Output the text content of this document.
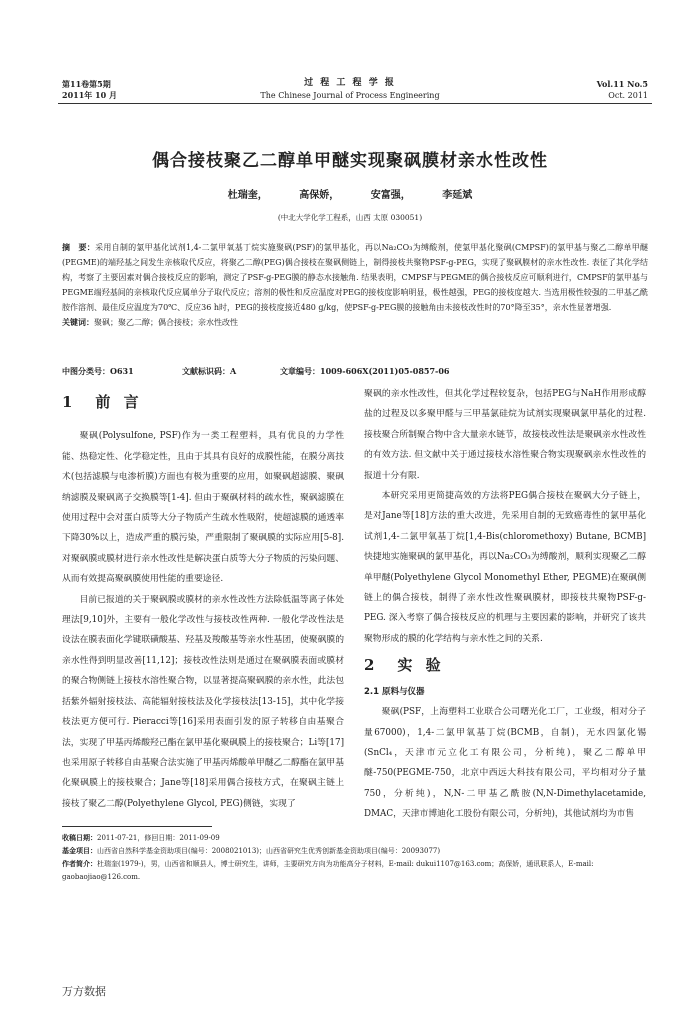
第11卷第5期
2011年 10 月
过 程 工 程 学 报
The Chinese Journal of Process Engineering
Vol.11 No.5
Oct. 2011
偶合接枝聚乙二醇单甲醚实现聚砜膜材亲水性改性
杜瑞奎，	高保娇，	安富强，	李延斌
(中北大学化学工程系，山西 太原 030051)
摘　要：采用自制的氯甲基化试剂1,4-二氯甲氧基丁烷实施聚砜(PSF)的氯甲基化，再以Na₂CO₃为缚酸剂，使氯甲基化聚砜(CMPSF)的氯甲基与聚乙二醇单甲醚(PEGME)的端羟基之间发生亲核取代反应，将聚乙二醇(PEG)偶合接枝在聚砜侧链上，制得接枝共聚物PSF-g-PEG，实现了聚砜膜材的亲水性改性. 表征了其化学结构，考察了主要因素对偶合接枝反应的影响，测定了PSF-g-PEG膜的静态水接触角. 结果表明，CMPSF与PEGME的偶合接枝反应可顺利进行，CMPSF的氯甲基与PEGME端羟基间的亲核取代反应属单分子取代反应；溶剂的极性和反应温度对PEG的接枝度影响明显，极性越强，PEG的接枝度越大. 当选用极性较强的二甲基乙酰胺作溶剂、最佳反应温度为70℃、反应36 h时，PEG的接枝度接近480 g/kg，使PSF-g-PEG膜的接触角由未接枝改性时的70°降至35°，亲水性显著增强.
关键词：聚砜；聚乙二醇；偶合接枝；亲水性改性
中图分类号：O631	文献标识码：A	文章编号：1009-606X(2011)05-0857-06
1　前 言

聚砜(Polysulfone, PSF)作为一类工程塑料，具有优良的力学性能、热稳定性、化学稳定性，且由于其具有良好的成膜性能，在膜分离技术(包括滤膜与电渗析膜)方面也有极为重要的应用，如聚砜超滤膜、聚砜纳滤膜及聚砜离子交换膜等[1-4]. 但由于聚砜材料的疏水性，聚砜滤膜在使用过程中会对蛋白质等大分子物质产生疏水性吸附，使超滤膜的通透率下降30%以上，造成严重的膜污染，严重限制了聚砜膜的实际应用[5-8]. 对聚砜膜或膜材进行亲水性改性是解决蛋白质等大分子物质的污染问题、从而有效提高聚砜膜使用性能的重要途径.

目前已报道的关于聚砜膜或膜材的亲水性改性方法除低温等离子体处理法[9,10]外，主要有一般化学改性与接枝改性两种. 一般化学改性法是设法在膜表面化学键联磺酸基、羟基及羧酸基等亲水性基团，使聚砜膜的亲水性得到明显改善[11,12]；接枝改性法则是通过在聚砜膜表面或膜材的聚合物侧链上接枝水溶性聚合物，以显著提高聚砜膜的亲水性，此法包括紫外辐射接枝法、高能辐射接枝法及化学接枝法[13-15]，其中化学接枝法更方便可行. Pieracci等[16]采用表面引发的原子转移自由基聚合法，实现了甲基丙烯酸羟己酯在氯甲基化聚砜膜上的接枝聚合；Li等[17]也采用原子转移自由基聚合法实施了甲基丙烯酸单甲醚乙二醇酯在氯甲基化聚砜膜上的接枝聚合；Jane等[18]采用偶合接枝方式，在聚砜主链上接枝了聚乙二醇(Polyethylene Glycol, PEG)侧链，实现了

聚砜的亲水性改性，但其化学过程较复杂，包括PEG与NaH作用形成醇盐的过程及以多聚甲醛与三甲基氯硅烷为试剂实现聚砜氯甲基化的过程. 接枝聚合所制聚合物中含大量亲水链节，故接枝改性法是聚砜亲水性改性的有效方法. 但文献中关于通过接枝水溶性聚合物实现聚砜亲水性改性的报道十分有限.

本研究采用更简捷高效的方法将PEG偶合接枝在聚砜大分子链上，是对Jane等[18]方法的重大改进，先采用自制的无致癌毒性的氯甲基化试剂1,4-二氯甲氧基丁烷[1,4-Bis(chloromethoxy) Butane, BCMB]快捷地实施聚砜的氯甲基化，再以Na₂CO₃为缚酸剂，顺利实现聚乙二醇单甲醚(Polyethylene Glycol Monomethyl Ether, PEGME)在聚砜侧链上的偶合接枝，制得了亲水性改性聚砜膜材，即接枝共聚物PSF-g-PEG. 深入考察了偶合接枝反应的机理与主要因素的影响，并研究了该共聚物形成的膜的化学结构与亲水性之间的关系.

2　实 验
2.1 原料与仪器

聚砜(PSF，上海塑料工业联合公司曙光化工厂，工业级，相对分子量67000)，1,4-二氯甲氧基丁烷(BCMB，自制)，无水四氯化锡(SnCl₄，天津市元立化工有限公司，分析纯)，聚乙二醇单甲醚-750(PEGME-750，北京中西远大科技有限公司，平均相对分子量750，分析纯)，N,N-二甲基乙酰胺(N,N-Dimethylacetamide, DMAC，天津市博迪化工股份有限公司，分析纯)，其他试剂均为市售

收稿日期：2011-07-21，修回日期：2011-09-09

基金项目：山西省自然科学基金资助项目(编号：2008021013)；山西省研究生优秀创新基金资助项目(编号：20093077)

作者简介：杜瑞奎(1979-)，男，山西省和顺县人，博士研究生，讲师，主要研究方向为功能高分子材料，E-mail: dukui1107@163.com；高保娇，通讯联系人，E-mail: gaobaojiao@126.com.

万方数据
